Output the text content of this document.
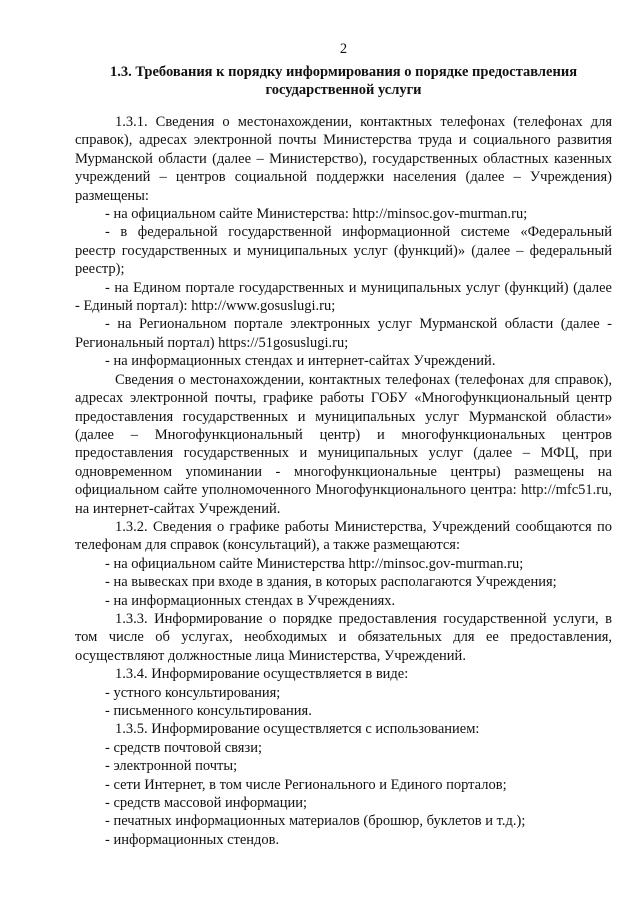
2
1.3. Требования к порядку информирования о порядке предоставления государственной услуги

1.3.1. Сведения о местонахождении, контактных телефонах (телефонах для справок), адресах электронной почты Министерства труда и социального развития Мурманской области (далее – Министерство), государственных областных казенных учреждений – центров социальной поддержки населения (далее – Учреждения) размещены:

- на официальном сайте Министерства: http://minsoc.gov-murman.ru;

- в федеральной государственной информационной системе «Федеральный реестр государственных и муниципальных услуг (функций)» (далее – федеральный реестр);

- на Едином портале государственных и муниципальных услуг (функций) (далее - Единый портал): http://www.gosuslugi.ru;

- на Региональном портале электронных услуг Мурманской области (далее - Региональный портал) https://51gosuslugi.ru;

- на информационных стендах и интернет-сайтах Учреждений.

Сведения о местонахождении, контактных телефонах (телефонах для справок), адресах электронной почты, графике работы ГОБУ «Многофункциональный центр предоставления государственных и муниципальных услуг Мурманской области» (далее – Многофункциональный центр) и многофункциональных центров предоставления государственных и муниципальных услуг (далее – МФЦ, при одновременном упоминании - многофункциональные центры) размещены на официальном сайте уполномоченного Многофункционального центра: http://mfc51.ru, на интернет-сайтах Учреждений.

1.3.2. Сведения о графике работы Министерства, Учреждений сообщаются по телефонам для справок (консультаций), а также размещаются:

- на официальном сайте Министерства http://minsoc.gov-murman.ru;

- на вывесках при входе в здания, в которых располагаются Учреждения;

- на информационных стендах в Учреждениях.

1.3.3. Информирование о порядке предоставления государственной услуги, в том числе об услугах, необходимых и обязательных для ее предоставления, осуществляют должностные лица Министерства, Учреждений.

1.3.4. Информирование осуществляется в виде:

- устного консультирования;

- письменного консультирования.

1.3.5. Информирование осуществляется с использованием:

- средств почтовой связи;

- электронной почты;

- сети Интернет, в том числе Регионального и Единого порталов;

- средств массовой информации;

- печатных информационных материалов (брошюр, буклетов и т.д.);

- информационных стендов.
